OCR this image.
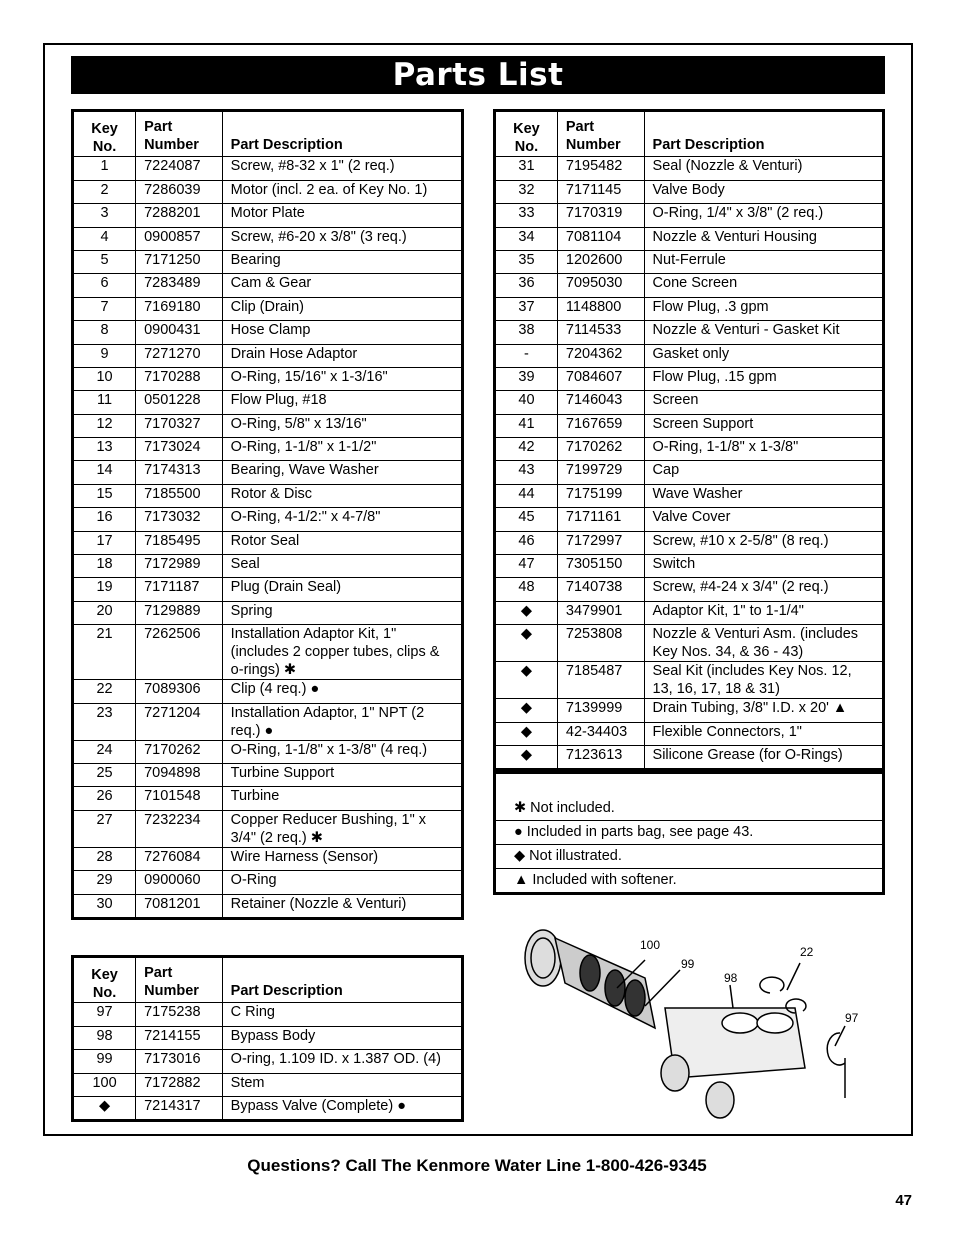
Parts List
Key
No.	Part
Number	Part Description
1	7224087	Screw, #8-32 x 1" (2 req.)
2	7286039	Motor (incl. 2 ea. of Key No. 1)
3	7288201	Motor Plate
4	0900857	Screw, #6-20 x 3/8" (3 req.)
5	7171250	Bearing
6	7283489	Cam & Gear
7	7169180	Clip (Drain)
8	0900431	Hose Clamp
9	7271270	Drain Hose Adaptor
10	7170288	O-Ring, 15/16" x 1-3/16"
11	0501228	Flow Plug, #18
12	7170327	O-Ring, 5/8" x 13/16"
13	7173024	O-Ring, 1-1/8" x 1-1/2"
14	7174313	Bearing, Wave Washer
15	7185500	Rotor & Disc
16	7173032	O-Ring, 4-1/2:" x 4-7/8"
17	7185495	Rotor Seal
18	7172989	Seal
19	7171187	Plug (Drain Seal)
20	7129889	Spring
21	7262506	Installation Adaptor Kit, 1" (includes 2 copper tubes, clips & o-rings) ✱
22	7089306	Clip (4 req.) ●
23	7271204	Installation Adaptor, 1" NPT (2 req.) ●
24	7170262	O-Ring, 1-1/8" x 1-3/8" (4 req.)
25	7094898	Turbine Support
26	7101548	Turbine
27	7232234	Copper Reducer Bushing, 1" x 3/4" (2 req.) ✱
28	7276084	Wire Harness (Sensor)
29	0900060	O-Ring
30	7081201	Retainer (Nozzle & Venturi)
Key
No.	Part
Number	Part Description
31	7195482	Seal (Nozzle & Venturi)
32	7171145	Valve Body
33	7170319	O-Ring, 1/4" x 3/8" (2 req.)
34	7081104	Nozzle & Venturi Housing
35	1202600	Nut-Ferrule
36	7095030	Cone Screen
37	1148800	Flow Plug, .3 gpm
38	7114533	Nozzle & Venturi - Gasket Kit
-	7204362	Gasket only
39	7084607	Flow Plug, .15 gpm
40	7146043	Screen
41	7167659	Screen Support
42	7170262	O-Ring, 1-1/8" x 1-3/8"
43	7199729	Cap
44	7175199	Wave Washer
45	7171161	Valve Cover
46	7172997	Screw, #10 x 2-5/8" (8 req.)
47	7305150	Switch
48	7140738	Screw, #4-24 x 3/4" (2 req.)
◆	3479901	Adaptor Kit, 1" to 1-1/4"
◆	7253808	Nozzle & Venturi Asm. (includes Key Nos. 34, & 36 - 43)
◆	7185487	Seal Kit (includes Key Nos. 12, 13, 16, 17, 18 & 31)
◆	7139999	Drain Tubing, 3/8" I.D. x 20' ▲
◆	42-34403	Flexible Connectors, 1"
◆	7123613	Silicone Grease (for O-Rings)
Key
No.	Part
Number	Part Description
97	7175238	C Ring
98	7214155	Bypass Body
99	7173016	O-ring, 1.109 ID. x 1.387 OD. (4)
100	7172882	Stem
◆	7214317	Bypass Valve (Complete) ●
✱ Not included.
● Included in parts bag, see page 43.
◆ Not illustrated.
▲ Included with softener.
100
99
98
22
97
Questions? Call The Kenmore Water Line 1-800-426-9345
47
